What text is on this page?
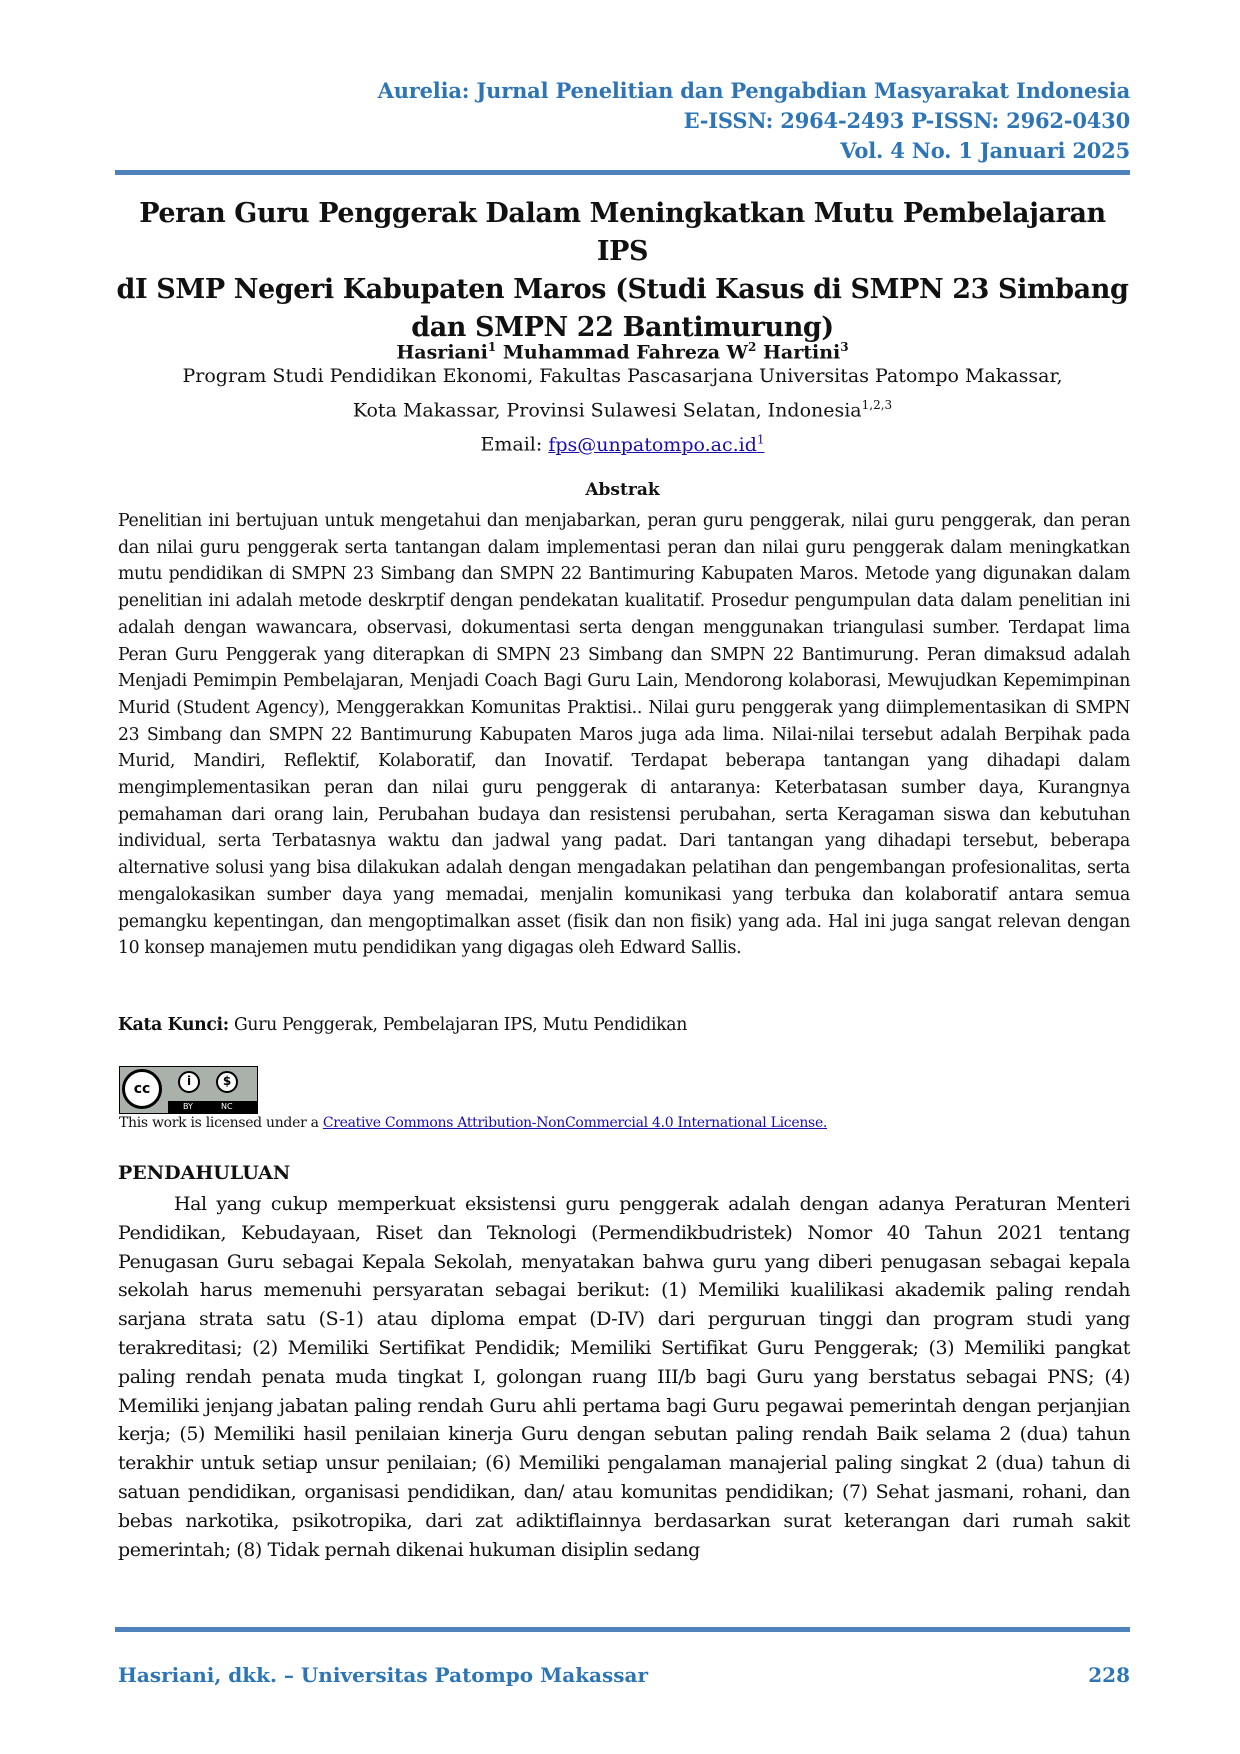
Aurelia: Jurnal Penelitian dan Pengabdian Masyarakat Indonesia
E-ISSN: 2964-2493 P-ISSN: 2962-0430
Vol. 4 No. 1 Januari 2025
Peran Guru Penggerak Dalam Meningkatkan Mutu Pembelajaran IPS
dI SMP Negeri Kabupaten Maros (Studi Kasus di SMPN 23 Simbang
dan SMPN 22 Bantimurung)
Hasriani$^1$ Muhammad Fahreza $W^2$ Hartini$^3$
Program Studi Pendidikan Ekonomi, Fakultas Pascasarjana Universitas Patompo Makassar,
Kota Makassar, Provinsi Sulawesi Selatan, Indonesia$^{1,2,3}$
Email: $fps@unpatompo.ac.id^1$
Abstrak
Penelitian ini bertujuan untuk mengetahui dan menjabarkan, peran guru penggerak, nilai guru penggerak, dan peran dan nilai guru penggerak serta tantangan dalam implementasi peran dan nilai guru penggerak dalam meningkatkan mutu pendidikan di SMPN 23 Simbang dan SMPN 22 Bantimuring Kabupaten Maros. Metode yang digunakan dalam penelitian ini adalah metode deskrptif dengan pendekatan kualitatif. Prosedur pengumpulan data dalam penelitian ini adalah dengan wawancara, observasi, dokumentasi serta dengan menggunakan triangulasi sumber. Terdapat lima Peran Guru Penggerak yang diterapkan di SMPN 23 Simbang dan SMPN 22 Bantimurung. Peran dimaksud adalah Menjadi Pemimpin Pembelajaran, Menjadi Coach Bagi Guru Lain, Mendorong kolaborasi, Mewujudkan Kepemimpinan Murid (Student Agency), Menggerakkan Komunitas Praktisi.. Nilai guru penggerak yang diimplementasikan di SMPN 23 Simbang dan SMPN 22 Bantimurung Kabupaten Maros juga ada lima. Nilai-nilai tersebut adalah Berpihak pada Murid, Mandiri, Reflektif, Kolaboratif, dan Inovatif. Terdapat beberapa tantangan yang dihadapi dalam mengimplementasikan peran dan nilai guru penggerak di antaranya: Keterbatasan sumber daya, Kurangnya pemahaman dari orang lain, Perubahan budaya dan resistensi perubahan, serta Keragaman siswa dan kebutuhan individual, serta Terbatasnya waktu dan jadwal yang padat. Dari tantangan yang dihadapi tersebut, beberapa alternative solusi yang bisa dilakukan adalah dengan mengadakan pelatihan dan pengembangan profesionalitas, serta mengalokasikan sumber daya yang memadai, menjalin komunikasi yang terbuka dan kolaboratif antara semua pemangku kepentingan, dan mengoptimalkan asset (fisik dan non fisik) yang ada. Hal ini juga sangat relevan dengan 10 konsep manajemen mutu pendidikan yang digagas oleh Edward Sallis.
Kata Kunci: Guru Penggerak, Pembelajaran IPS, Mutu Pendidikan
cc	i	$
BY	NC
This work is licensed under a Creative Commons Attribution-NonCommercial 4.0 International License.
PENDAHULUAN
Hal yang cukup memperkuat eksistensi guru penggerak adalah dengan adanya Peraturan Menteri Pendidikan, Kebudayaan, Riset dan Teknologi (Permendikbudristek) Nomor 40 Tahun 2021 tentang Penugasan Guru sebagai Kepala Sekolah, menyatakan bahwa guru yang diberi penugasan sebagai kepala sekolah harus memenuhi persyaratan sebagai berikut: (1) Memiliki kualilikasi akademik paling rendah sarjana strata satu (S-1) atau diploma empat (D-IV) dari perguruan tinggi dan program studi yang terakreditasi; (2) Memiliki Sertifikat Pendidik; Memiliki Sertifikat Guru Penggerak; (3) Memiliki pangkat paling rendah penata muda tingkat I, golongan ruang III/b bagi Guru yang berstatus sebagai PNS; (4) Memiliki jenjang jabatan paling rendah Guru ahli pertama bagi Guru pegawai pemerintah dengan perjanjian kerja; (5) Memiliki hasil penilaian kinerja Guru dengan sebutan paling rendah Baik selama 2 (dua) tahun terakhir untuk setiap unsur penilaian; (6) Memiliki pengalaman manajerial paling singkat 2 (dua) tahun di satuan pendidikan, organisasi pendidikan, dan/ atau komunitas pendidikan; (7) Sehat jasmani, rohani, dan bebas narkotika, psikotropika, dari zat adiktiflainnya berdasarkan surat keterangan dari rumah sakit pemerintah; (8) Tidak pernah dikenai hukuman disiplin sedang
Hasriani, dkk. – Universitas Patompo Makassar	228
